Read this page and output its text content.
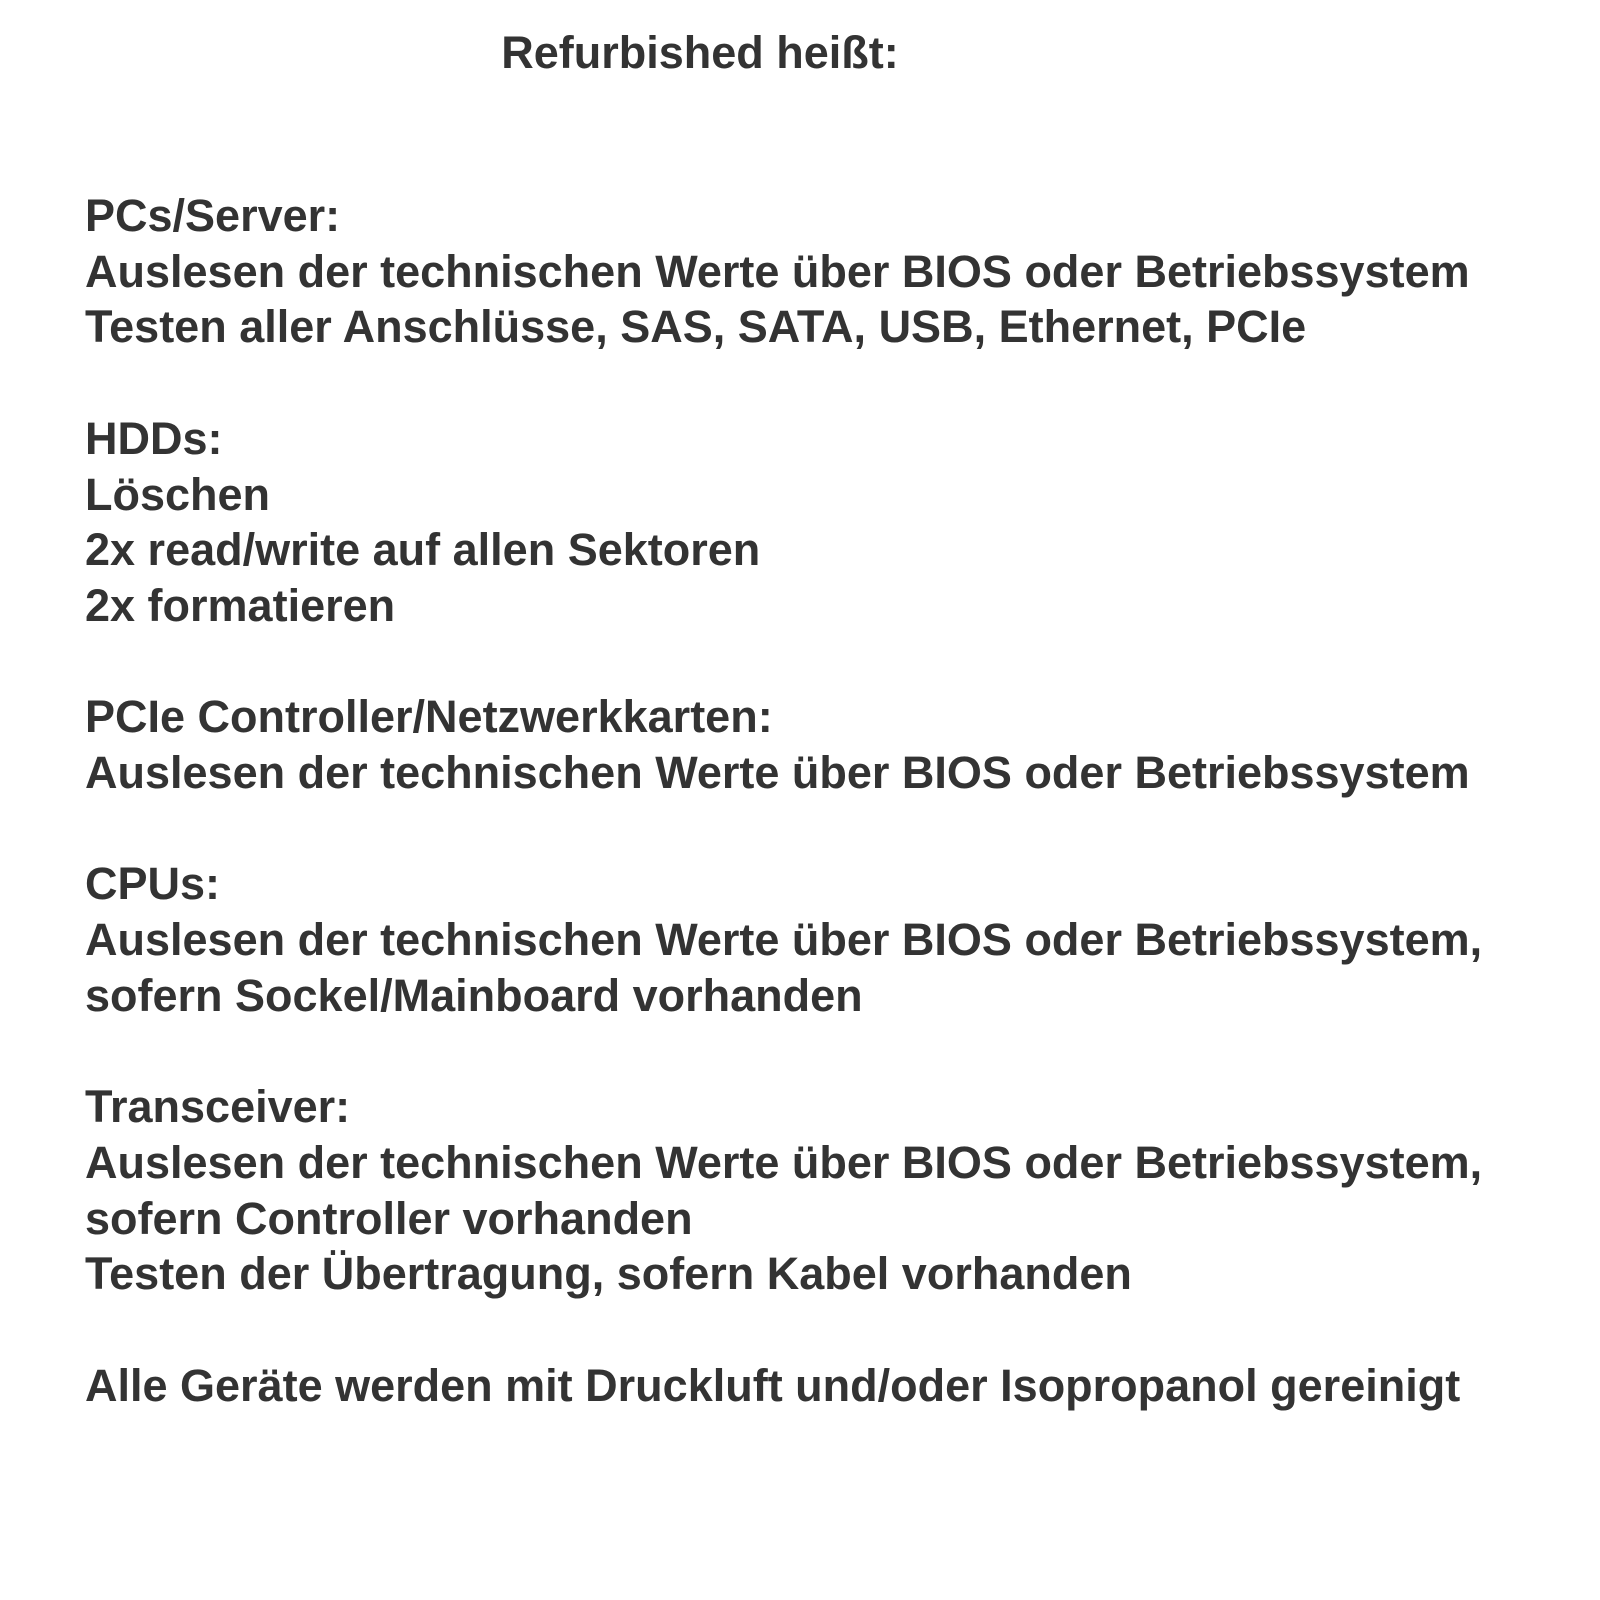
Refurbished heißt:
PCs/Server:
Auslesen der technischen Werte über BIOS oder Betriebssystem
Testen aller Anschlüsse, SAS, SATA, USB, Ethernet, PCIe
HDDs:
Löschen
2x read/write auf allen Sektoren
2x formatieren
PCIe Controller/Netzwerkkarten:
Auslesen der technischen Werte über BIOS oder Betriebssystem
CPUs:
Auslesen der technischen Werte über BIOS oder Betriebssystem,
sofern Sockel/Mainboard vorhanden
Transceiver:
Auslesen der technischen Werte über BIOS oder Betriebssystem,
sofern Controller vorhanden
Testen der Übertragung, sofern Kabel vorhanden
Alle Geräte werden mit Druckluft und/oder Isopropanol gereinigt
